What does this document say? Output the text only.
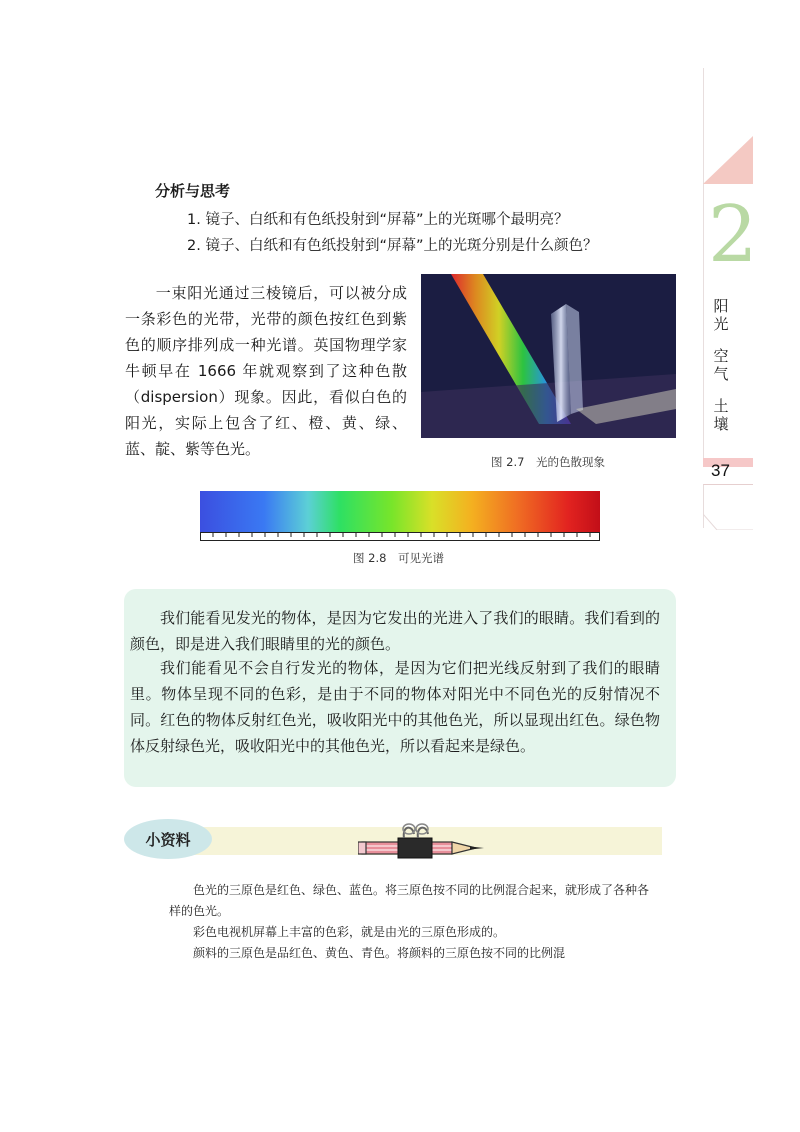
2
阳光
空气
土壤
37
分析与思考
1. 镜子、白纸和有色纸投射到“屏幕”上的光斑哪个最明亮？
2. 镜子、白纸和有色纸投射到“屏幕”上的光斑分别是什么颜色？
一束阳光通过三棱镜后，可以被分成一条彩色的光带，光带的颜色按红色到紫色的顺序排列成一种光谱。英国物理学家牛顿早在 1666 年就观察到了这种色散（dispersion）现象。因此，看似白色的阳光，实际上包含了红、橙、黄、绿、蓝、靛、紫等色光。
图 2.7　光的色散现象
图 2.8　可见光谱
我们能看见发光的物体，是因为它发出的光进入了我们的眼睛。我们看到的颜色，即是进入我们眼睛里的光的颜色。
我们能看见不会自行发光的物体，是因为它们把光线反射到了我们的眼睛里。物体呈现不同的色彩，是由于不同的物体对阳光中不同色光的反射情况不同。红色的物体反射红色光，吸收阳光中的其他色光，所以显现出红色。绿色物体反射绿色光，吸收阳光中的其他色光，所以看起来是绿色。
小资料
色光的三原色是红色、绿色、蓝色。将三原色按不同的比例混合起来，就形成了各种各样的色光。
彩色电视机屏幕上丰富的色彩，就是由光的三原色形成的。
颜料的三原色是品红色、黄色、青色。将颜料的三原色按不同的比例混
